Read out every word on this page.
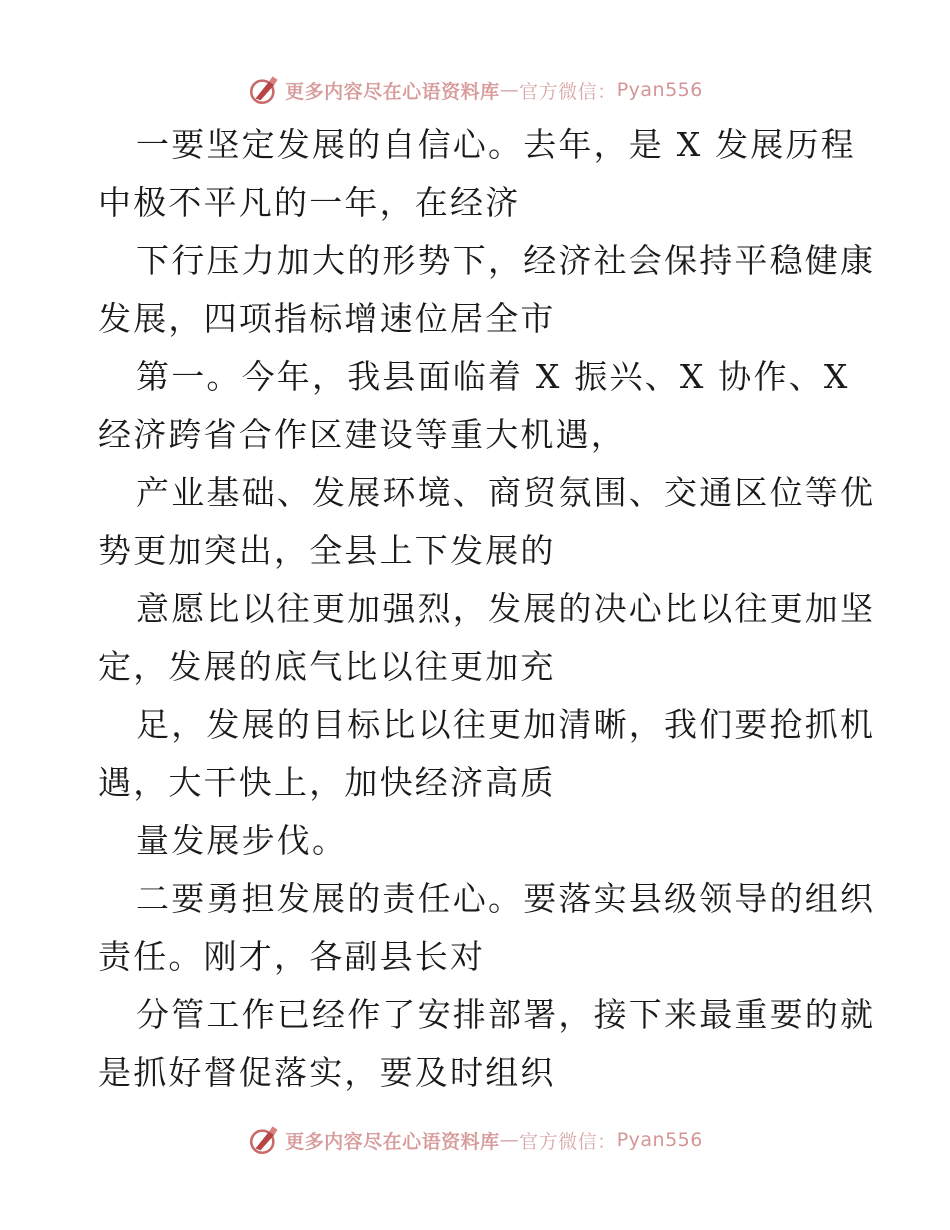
更多内容尽在心语资料库 — 官方微信： Pyan556
一要坚定发展的自信心。去年，是 X 发展历程
中极不平凡的一年，在经济
下行压力加大的形势下，经济社会保持平稳健康
发展，四项指标增速位居全市
第一。今年，我县面临着 X 振兴、X 协作、X
经济跨省合作区建设等重大机遇，
产业基础、发展环境、商贸氛围、交通区位等优
势更加突出，全县上下发展的
意愿比以往更加强烈，发展的决心比以往更加坚
定，发展的底气比以往更加充
足，发展的目标比以往更加清晰，我们要抢抓机
遇，大干快上，加快经济高质
量发展步伐。
二要勇担发展的责任心。要落实县级领导的组织
责任。刚才，各副县长对
分管工作已经作了安排部署，接下来最重要的就
是抓好督促落实，要及时组织
更多内容尽在心语资料库 — 官方微信： Pyan556
